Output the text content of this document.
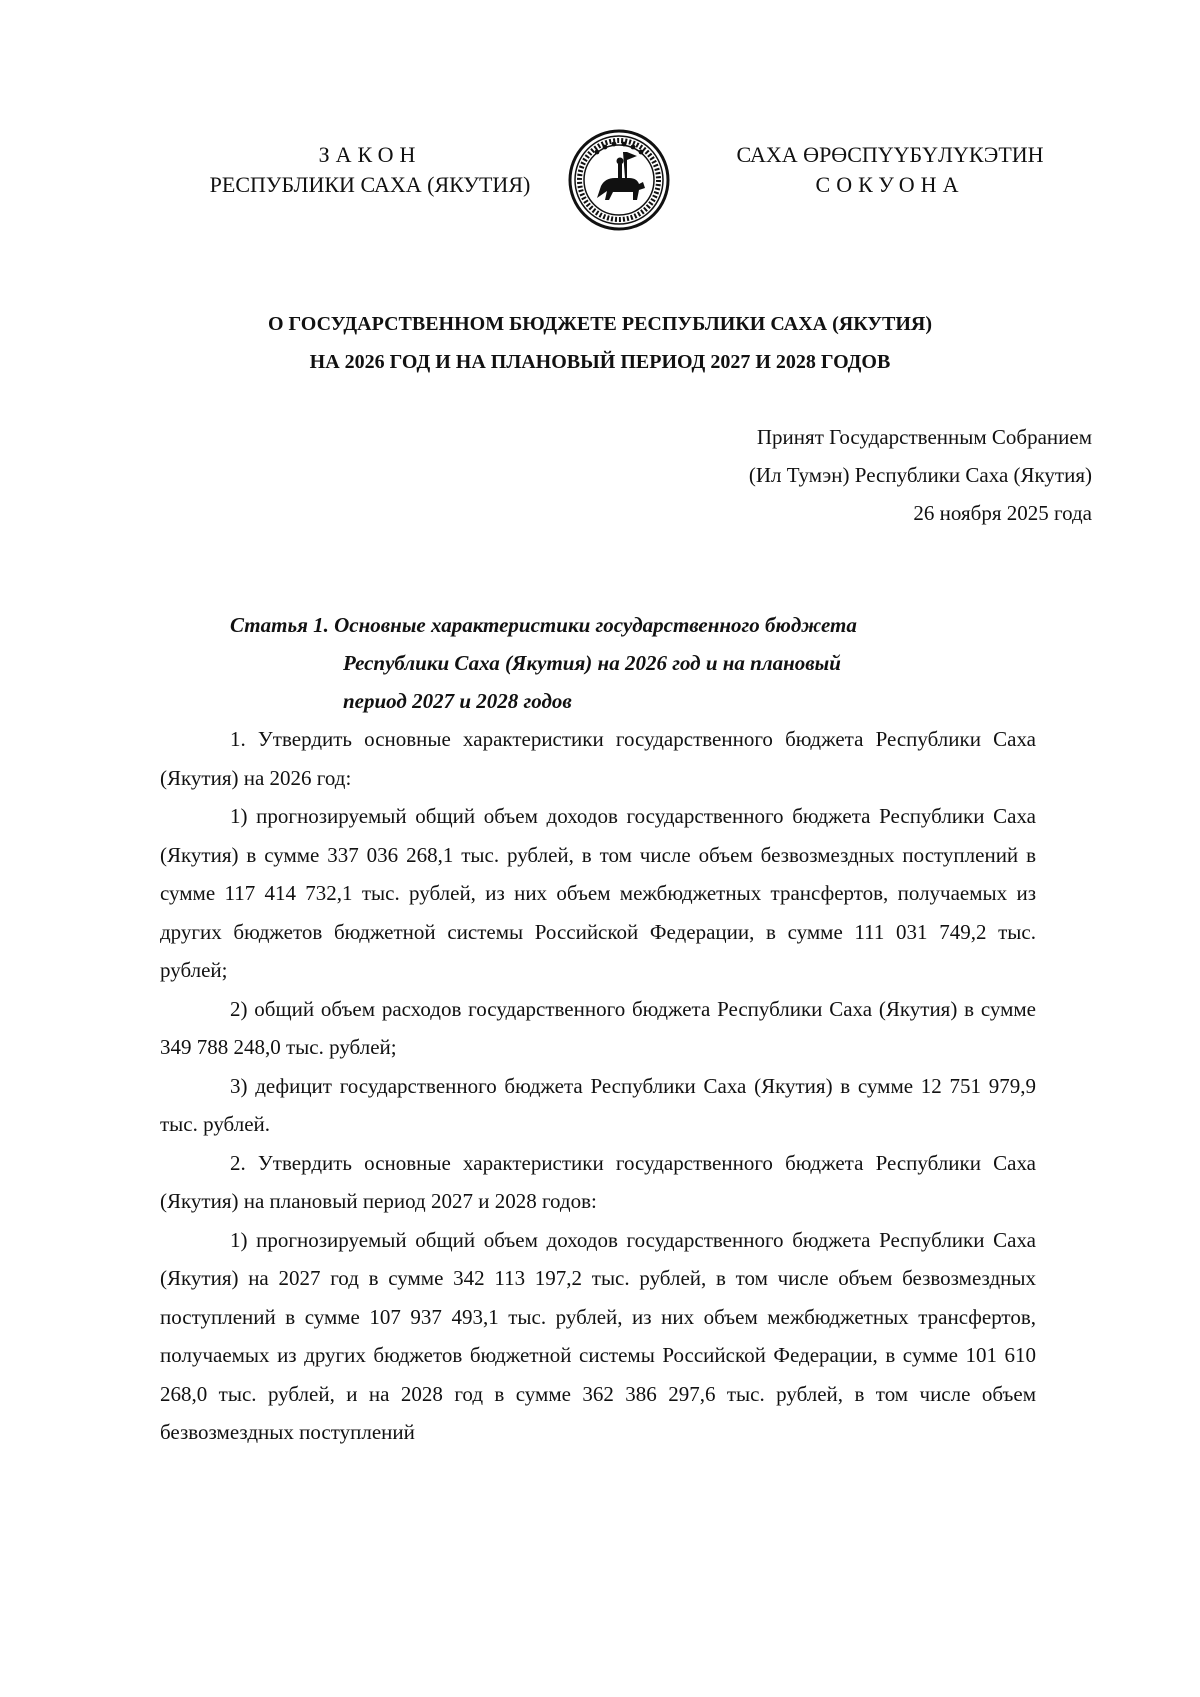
ЗАКОН
РЕСПУБЛИКИ САХА (ЯКУТИЯ)
САХА ӨРӨСПҮҮБҮЛҮКЭТИН
СОКУОНА
О ГОСУДАРСТВЕННОМ БЮДЖЕТЕ РЕСПУБЛИКИ САХА (ЯКУТИЯ)
НА 2026 ГОД И НА ПЛАНОВЫЙ ПЕРИОД 2027 И 2028 ГОДОВ
Принят Государственным Собранием
(Ил Тумэн) Республики Саха (Якутия)
26 ноября 2025 года
Статья 1. Основные характеристики государственного бюджета
Республики Саха (Якутия) на 2026 год и на плановый
период 2027 и 2028 годов

1. Утвердить основные характеристики государственного бюджета Республики Саха (Якутия) на 2026 год:

1) прогнозируемый общий объем доходов государственного бюджета Республики Саха (Якутия) в сумме 337 036 268,1 тыс. рублей, в том числе объем безвозмездных поступлений в сумме 117 414 732,1 тыс. рублей, из них объем межбюджетных трансфертов, получаемых из других бюджетов бюджетной системы Российской Федерации, в сумме 111 031 749,2 тыс. рублей;

2) общий объем расходов государственного бюджета Республики Саха (Якутия) в сумме 349 788 248,0 тыс. рублей;

3) дефицит государственного бюджета Республики Саха (Якутия) в сумме 12 751 979,9 тыс. рублей.

2. Утвердить основные характеристики государственного бюджета Республики Саха (Якутия) на плановый период 2027 и 2028 годов:

1) прогнозируемый общий объем доходов государственного бюджета Республики Саха (Якутия) на 2027 год в сумме 342 113 197,2 тыс. рублей, в том числе объем безвозмездных поступлений в сумме 107 937 493,1 тыс. рублей, из них объем межбюджетных трансфертов, получаемых из других бюджетов бюджетной системы Российской Федерации, в сумме 101 610 268,0 тыс. рублей, и на 2028 год в сумме 362 386 297,6 тыс. рублей, в том числе объем безвозмездных поступлений
